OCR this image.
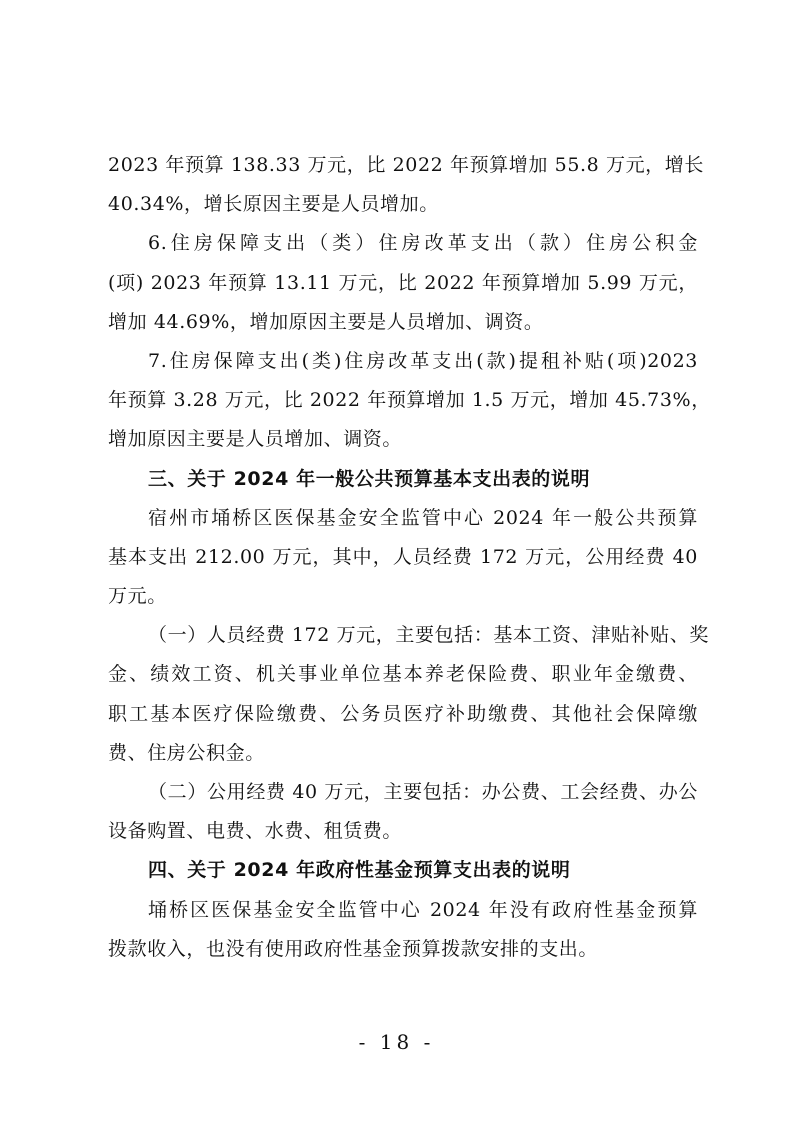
2023 年预算 138.33 万元，比 2022 年预算增加 55.8 万元，增长
40.34%，增长原因主要是人员增加。
6.住房保障支出（类）住房改革支出（款）住房公积金
(项) 2023 年预算 13.11 万元，比 2022 年预算增加 5.99 万元，
增加 44.69%，增加原因主要是人员增加、调资。
7.住房保障支出(类)住房改革支出(款)提租补贴(项)2023
年预算 3.28 万元，比 2022 年预算增加 1.5 万元，增加 45.73%，
增加原因主要是人员增加、调资。
三、关于 2024 年一般公共预算基本支出表的说明
宿州市埇桥区医保基金安全监管中心 2024 年一般公共预算
基本支出 212.00 万元，其中，人员经费 172 万元，公用经费 40
万元。
（一）人员经费 172 万元，主要包括：基本工资、津贴补贴、奖
金、绩效工资、机关事业单位基本养老保险费、职业年金缴费、
职工基本医疗保险缴费、公务员医疗补助缴费、其他社会保障缴
费、住房公积金。
（二）公用经费 40 万元，主要包括：办公费、工会经费、办公
设备购置、电费、水费、租赁费。
四、关于 2024 年政府性基金预算支出表的说明
埇桥区医保基金安全监管中心 2024 年没有政府性基金预算
拨款收入，也没有使用政府性基金预算拨款安排的支出。
- 18 -
